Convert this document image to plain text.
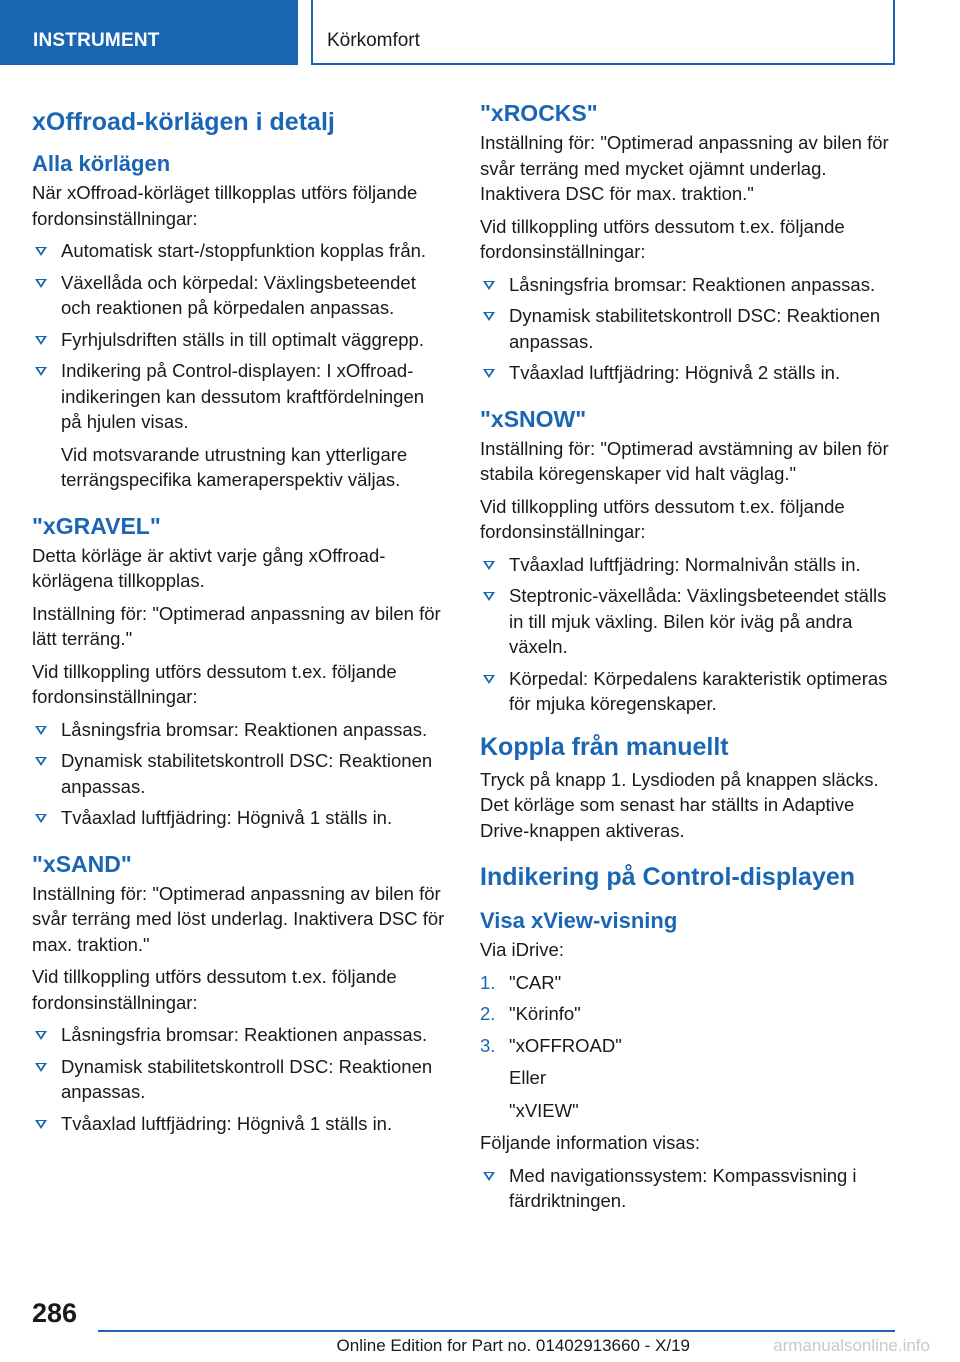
INSTRUMENT	Körkomfort
xOffroad-körlägen i detalj
Alla körlägen

När xOffroad-körläget tillkopplas utförs följande fordonsinställningar:

Automatisk start-/stoppfunktion kopplas från.
Växellåda och körpedal: Växlingsbeteendet och reaktionen på körpedalen anpassas.
Fyrhjulsdriften ställs in till optimalt väggrepp.
Indikering på Control-displayen: I xOffroad-indikeringen kan dessutom kraftfördelningen på hjulen visas.

Vid motsvarande utrustning kan ytterligare terrängspecifika kameraperspektiv väljas.

"xGRAVEL"

Detta körläge är aktivt varje gång xOffroad-körlägena tillkopplas.

Inställning för: "Optimerad anpassning av bilen för lätt terräng."

Vid tillkoppling utförs dessutom t.ex. följande fordonsinställningar:

Låsningsfria bromsar: Reaktionen anpassas.
Dynamisk stabilitetskontroll DSC: Reaktionen anpassas.
Tvåaxlad luftfjädring: Högnivå 1 ställs in.
"xSAND"

Inställning för: "Optimerad anpassning av bilen för svår terräng med löst underlag. Inaktivera DSC för max. traktion."

Vid tillkoppling utförs dessutom t.ex. följande fordonsinställningar:

Låsningsfria bromsar: Reaktionen anpassas.
Dynamisk stabilitetskontroll DSC: Reaktionen anpassas.
Tvåaxlad luftfjädring: Högnivå 1 ställs in.
"xROCKS"

Inställning för: "Optimerad anpassning av bilen för svår terräng med mycket ojämnt underlag. Inaktivera DSC för max. traktion."

Vid tillkoppling utförs dessutom t.ex. följande fordonsinställningar:

Låsningsfria bromsar: Reaktionen anpassas.
Dynamisk stabilitetskontroll DSC: Reaktionen anpassas.
Tvåaxlad luftfjädring: Högnivå 2 ställs in.
"xSNOW"

Inställning för: "Optimerad avstämning av bilen för stabila köregenskaper vid halt väglag."

Vid tillkoppling utförs dessutom t.ex. följande fordonsinställningar:

Tvåaxlad luftfjädring: Normalnivån ställs in.
Steptronic-växellåda: Växlingsbeteendet ställs in till mjuk växling. Bilen kör iväg på andra växeln.
Körpedal: Körpedalens karakteristik optimeras för mjuka köregenskaper.
Koppla från manuellt

Tryck på knapp 1. Lysdioden på knappen släcks. Det körläge som senast har ställts in Adaptive Drive-knappen aktiveras.

Indikering på Control-displayen
Visa xView-visning

Via iDrive:

1. "CAR"
2. "Körinfo"
3. "xOFFROAD"

Eller

"xVIEW"

Följande information visas:

Med navigationssystem: Kompassvisning i färdriktningen.
286
Online Edition for Part no. 01402913660 - X/19	armanualsonline.info
